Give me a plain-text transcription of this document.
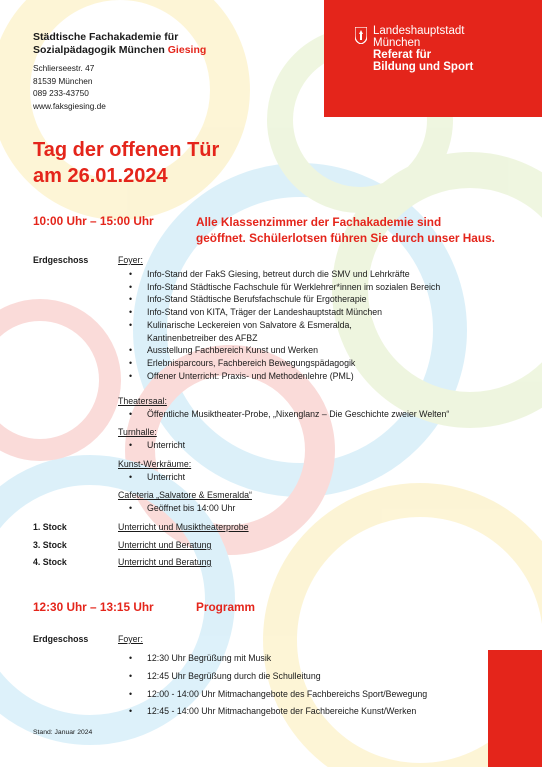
Landeshauptstadt
München
Referat für
Bildung und Sport
Städtische Fachakademie für
Sozialpädagogik München Giesing
Schlierseestr. 47
81539 München
089 233-43750
www.faksgiesing.de
Tag der offenen Tür
am 26.01.2024
10:00 Uhr – 15:00 Uhr	Alle Klassenzimmer der Fachakademie sind
geöffnet. Schülerlotsen führen Sie durch unser Haus.
Erdgeschoss	Foyer:
• Info-Stand der FakS Giesing, betreut durch die SMV und Lehrkräfte
• Info-Stand Städtische Fachschule für Werklehrer*innen im sozialen Bereich
• Info-Stand Städtische Berufsfachschule für Ergotherapie
• Info-Stand von KITA, Träger der Landeshauptstadt München
• Kulinarische Leckereien von Salvatore & Esmeralda,
Kantinenbetreiber des AFBZ
• Ausstellung Fachbereich Kunst und Werken
• Erlebnisparcours, Fachbereich Bewegungspädagogik
• Offener Unterricht: Praxis- und Methodenlehre (PML)
Theatersaal:
• Öffentliche Musiktheater-Probe, „Nixenglanz – Die Geschichte zweier Welten“
Turnhalle:
• Unterricht
Kunst-Werkräume:
• Unterricht
Cafeteria „Salvatore & Esmeralda“
• Geöffnet bis 14:00 Uhr
1. Stock	Unterricht und Musiktheaterprobe
3. Stock	Unterricht und Beratung
4. Stock	Unterricht und Beratung
12:30 Uhr – 13:15 Uhr	Programm
Erdgeschoss	Foyer:
• 12:30 Uhr Begrüßung mit Musik
• 12:45 Uhr Begrüßung durch die Schulleitung
• 12:00 - 14:00 Uhr Mitmachangebote des Fachbereichs Sport/Bewegung
• 12:45 - 14:00 Uhr Mitmachangebote der Fachbereiche Kunst/Werken
Stand: Januar 2024
